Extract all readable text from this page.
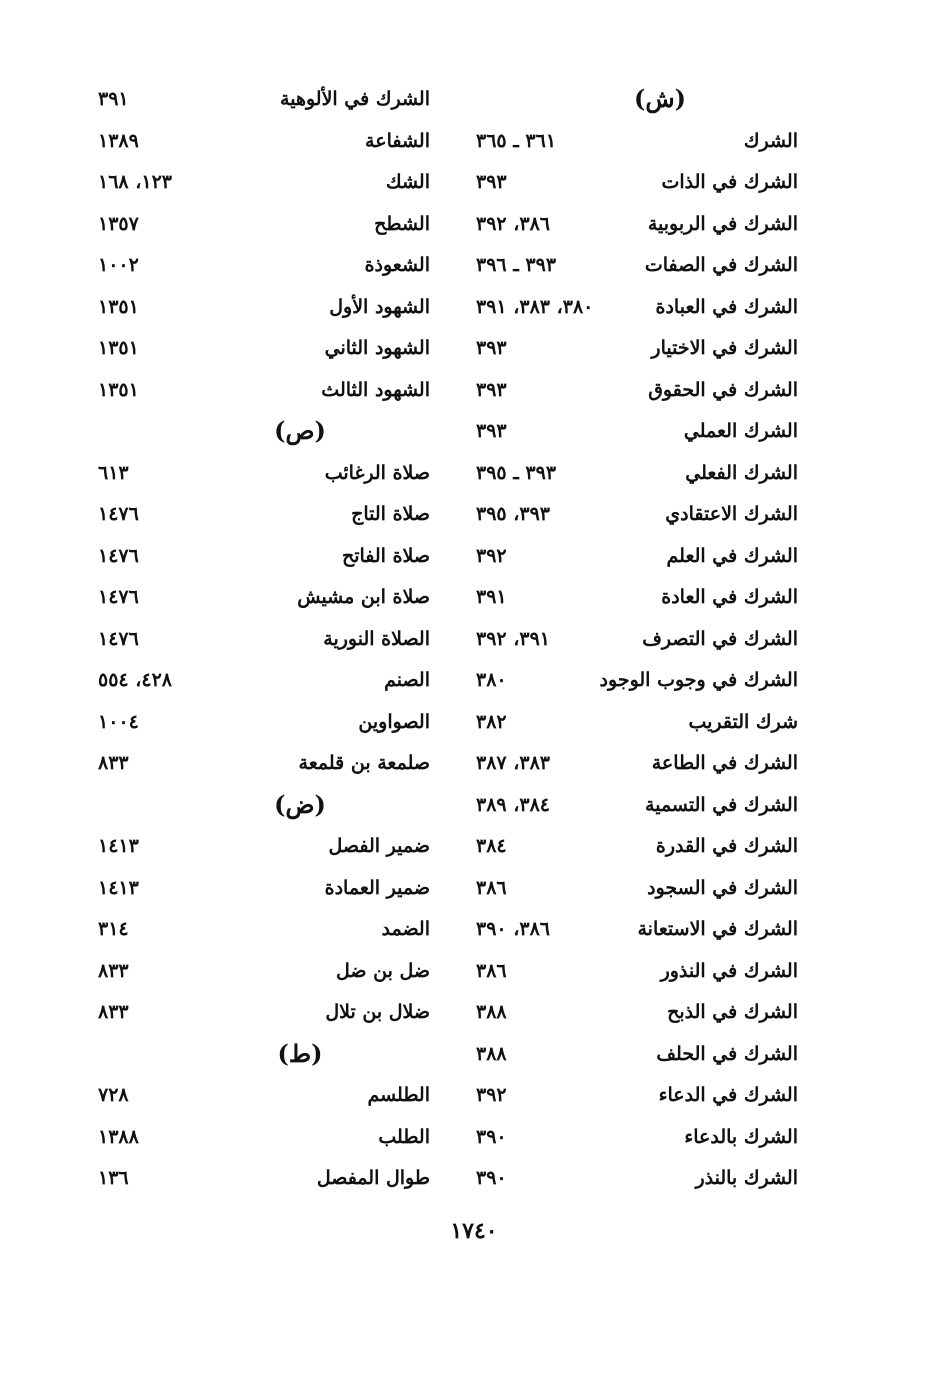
(ش)
الشرك
٣٦١ ـ ٣٦٥
الشرك في الذات
٣٩٣
الشرك في الربوبية
٣٨٦، ٣٩٢
الشرك في الصفات
٣٩٣ ـ ٣٩٦
الشرك في العبادة
٣٨٠، ٣٨٣، ٣٩١
الشرك في الاختيار
٣٩٣
الشرك في الحقوق
٣٩٣
الشرك العملي
٣٩٣
الشرك الفعلي
٣٩٣ ـ ٣٩٥
الشرك الاعتقادي
٣٩٣، ٣٩٥
الشرك في العلم
٣٩٢
الشرك في العادة
٣٩١
الشرك في التصرف
٣٩١، ٣٩٢
الشرك في وجوب الوجود
٣٨٠
شرك التقريب
٣٨٢
الشرك في الطاعة
٣٨٣، ٣٨٧
الشرك في التسمية
٣٨٤، ٣٨٩
الشرك في القدرة
٣٨٤
الشرك في السجود
٣٨٦
الشرك في الاستعانة
٣٨٦، ٣٩٠
الشرك في النذور
٣٨٦
الشرك في الذبح
٣٨٨
الشرك في الحلف
٣٨٨
الشرك في الدعاء
٣٩٢
الشرك بالدعاء
٣٩٠
الشرك بالنذر
٣٩٠
الشرك في الألوهية
٣٩١
الشفاعة
١٣٨٩
الشك
١٢٣، ١٦٨
الشطح
١٣٥٧
الشعوذة
١٠٠٢
الشهود الأول
١٣٥١
الشهود الثاني
١٣٥١
الشهود الثالث
١٣٥١
(ص)
صلاة الرغائب
٦١٣
صلاة التاج
١٤٧٦
صلاة الفاتح
١٤٧٦
صلاة ابن مشيش
١٤٧٦
الصلاة النورية
١٤٧٦
الصنم
٤٢٨، ٥٥٤
الصواوين
١٠٠٤
صلمعة بن قلمعة
٨٣٣
(ض)
ضمير الفصل
١٤١٣
ضمير العمادة
١٤١٣
الضمد
٣١٤
ضل بن ضل
٨٣٣
ضلال بن تلال
٨٣٣
(ط)
الطلسم
٧٢٨
الطلب
١٣٨٨
طوال المفصل
١٣٦
١٧٤٠
